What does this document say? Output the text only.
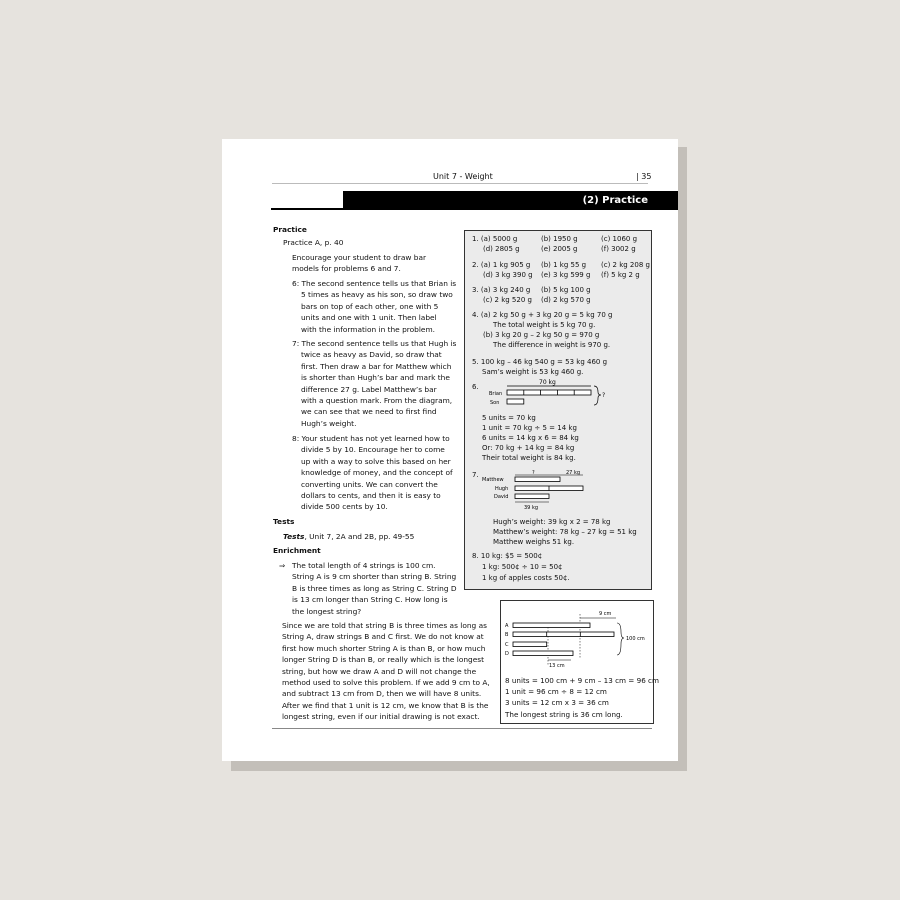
Unit 7 - Weight	| 35
(2) Practice
Practice
Practice A, p. 40
Encourage your student to draw bar
models for problems 6 and 7.
6: The second sentence tells us that Brian is
5 times as heavy as his son, so draw two
bars on top of each other, one with 5
units and one with 1 unit. Then label
with the information in the problem.
7: The second sentence tells us that Hugh is
twice as heavy as David, so draw that
first. Then draw a bar for Matthew which
is shorter than Hugh’s bar and mark the
difference 27 g. Label Matthew’s bar
with a question mark. From the diagram,
we can see that we need to first find
Hugh’s weight.
8: Your student has not yet learned how to
divide 5 by 10. Encourage her to come
up with a way to solve this based on her
knowledge of money, and the concept of
converting units. We can convert the
dollars to cents, and then it is easy to
divide 500 cents by 10.
Tests
Tests, Unit 7, 2A and 2B, pp. 49-55
Enrichment
⇒ The total length of 4 strings is 100 cm.
String A is 9 cm shorter than string B. String
B is three times as long as String C. String D
is 13 cm longer than String C. How long is
the longest string?
Since we are told that string B is three times as long as
String A, draw strings B and C first. We do not know at
first how much shorter String A is than B, or how much
longer String D is than B, or really which is the longest
string, but how we draw A and D will not change the
method used to solve this problem. If we add 9 cm to A,
and subtract 13 cm from D, then we will have 8 units.
After we find that 1 unit is 12 cm, we know that B is the
longest string, even if our initial drawing is not exact.
1. (a) 5000 g	(b) 1950 g	(c) 1060 g
(d) 2805 g	(e) 2005 g	(f) 3002 g
2. (a) 1 kg 905 g (b) 1 kg 55 g (c) 2 kg 208 g
(d) 3 kg 390 g (e) 3 kg 599 g (f) 5 kg 2 g
3. (a) 3 kg 240 g (b) 5 kg 100 g
(c) 2 kg 520 g (d) 2 kg 570 g
4. (a) 2 kg 50 g + 3 kg 20 g = 5 kg 70 g
The total weight is 5 kg 70 g.
(b) 3 kg 20 g – 2 kg 50 g = 970 g
The difference in weight is 970 g.
5. 100 kg – 46 kg 540 g = 53 kg 460 g
Sam’s weight is 53 kg 460 g.
6.
70 kg
Brian
Son
?
5 units = 70 kg
1 unit = 70 kg ÷ 5 = 14 kg
6 units = 14 kg x 6 = 84 kg
Or: 70 kg + 14 kg = 84 kg
Their total weight is 84 kg.
7.	?	27 kg
Matthew
Hugh
David
39 kg
Hugh’s weight: 39 kg x 2 = 78 kg
Matthew’s weight: 78 kg – 27 kg = 51 kg
Matthew weighs 51 kg.
8. 10 kg: $5 = 500¢
1 kg: 500¢ ÷ 10 = 50¢
1 kg of apples costs 50¢.
9 cm
A
B
C
D
13 cm
100 cm
8 units = 100 cm + 9 cm – 13 cm = 96 cm
1 unit = 96 cm ÷ 8 = 12 cm
3 units = 12 cm x 3 = 36 cm
The longest string is 36 cm long.
